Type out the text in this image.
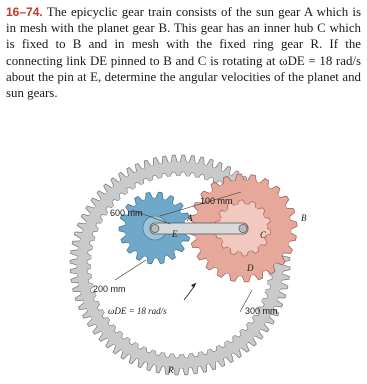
16–74. The epicyclic gear train consists of the sun gear A which is in mesh with the planet gear B. This gear has an inner hub C which is fixed to B and in mesh with the fixed ring gear R. If the connecting link DE pinned to B and C is rotating at ωDE = 18 rad/s about the pin at E, determine the angular velocities of the planet and sun gears.
100 mm
600 mm
200 mm
300 mm
A	B
C
D
E
R
ωDE = 18 rad/s
